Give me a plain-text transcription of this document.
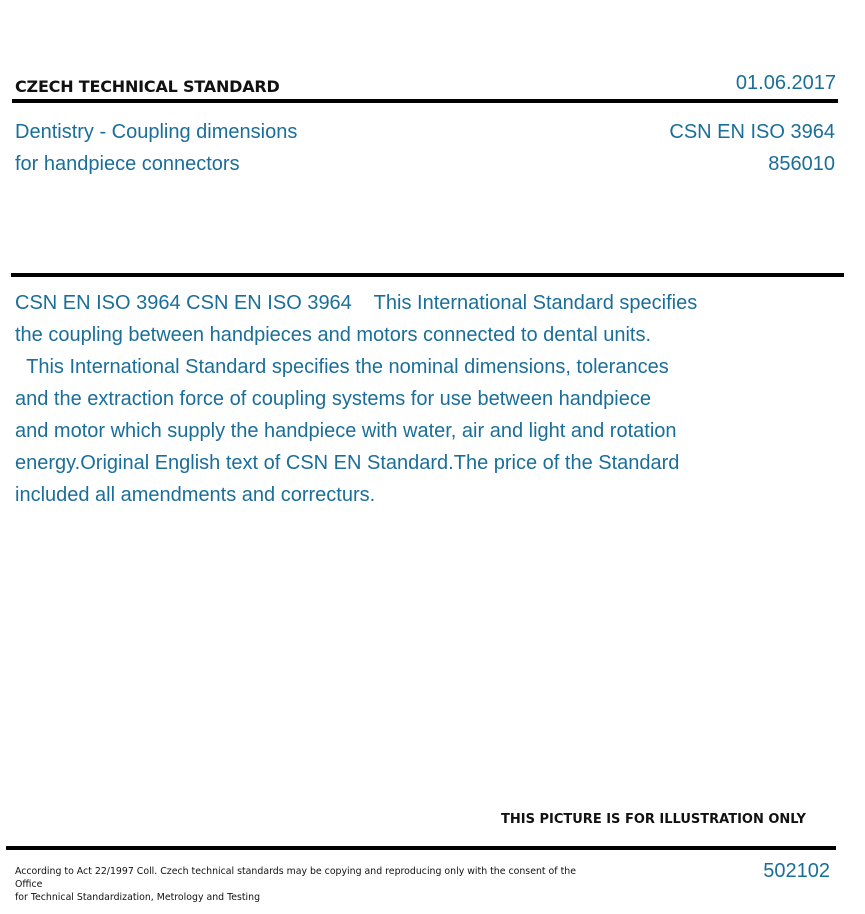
CZECH TECHNICAL STANDARD	01.06.2017
Dentistry - Coupling dimensions
for handpiece connectors
CSN EN ISO 3964
856010
CSN EN ISO 3964 CSN EN ISO 3964    This International Standard specifies
the coupling between handpieces and motors connected to dental units.
This International Standard specifies the nominal dimensions, tolerances
and the extraction force of coupling systems for use between handpiece
and motor which supply the handpiece with water, air and light and rotation
energy.Original English text of CSN EN Standard.The price of the Standard
included all amendments and correcturs.
THIS PICTURE IS FOR ILLUSTRATION ONLY
According to Act 22/1997 Coll. Czech technical standards may be copying and reproducing only with the consent of the Office
for Technical Standardization, Metrology and Testing
502102
